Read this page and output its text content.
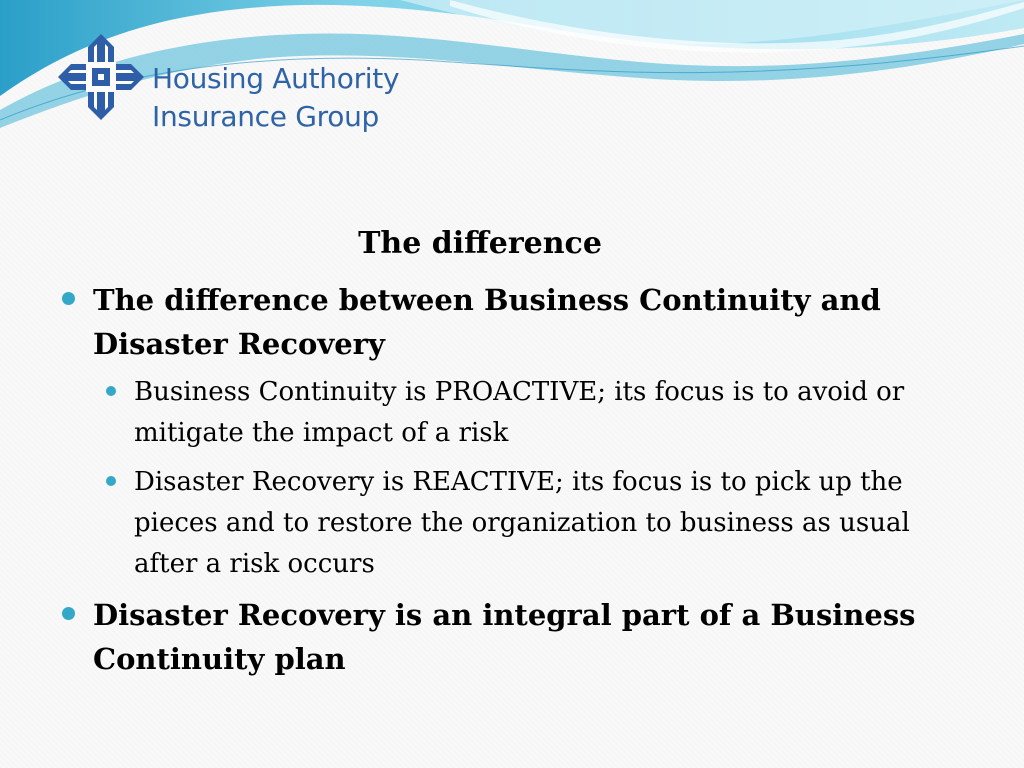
Housing Authority
Insurance Group
The difference
The difference between Business Continuity and Disaster Recovery
Business Continuity is PROACTIVE; its focus is to avoid or mitigate the impact of a risk
Disaster Recovery is REACTIVE; its focus is to pick up the pieces and to restore the organization to business as usual after a risk occurs
Disaster Recovery is an integral part of a Business Continuity plan
